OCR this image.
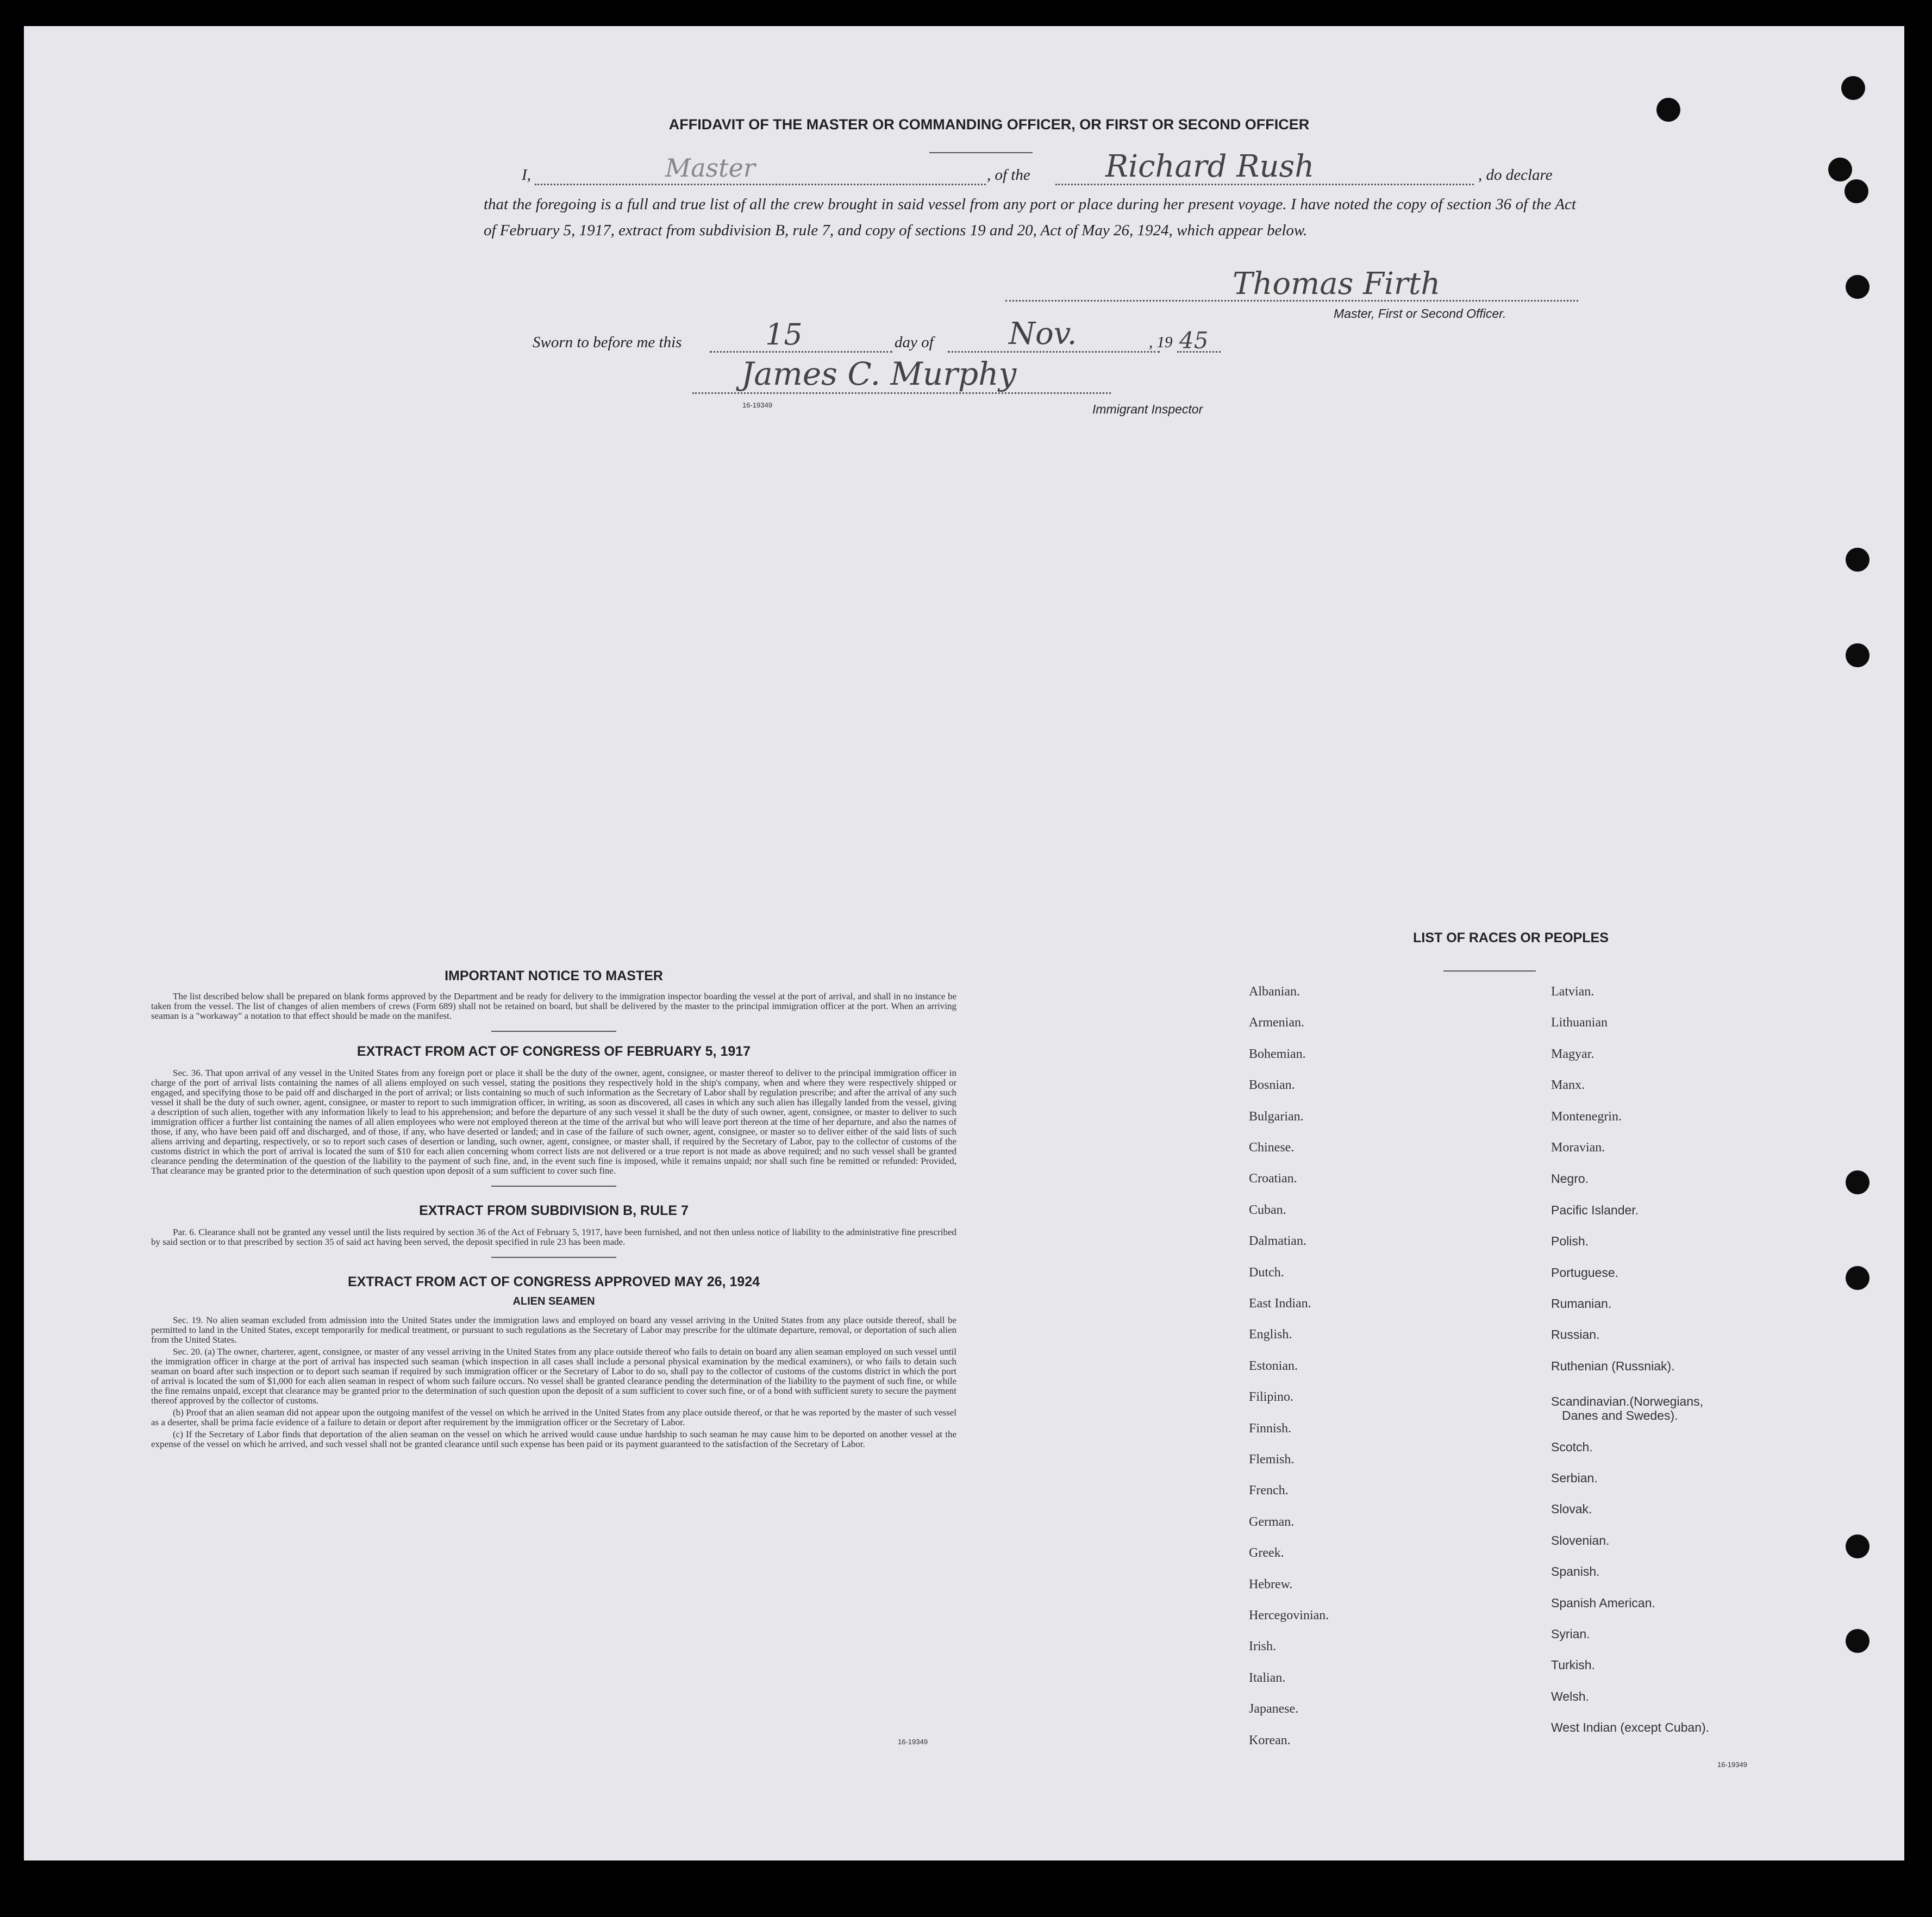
AFFIDAVIT OF THE MASTER OR COMMANDING OFFICER, OR FIRST OR SECOND OFFICER
I,	Master	, of the Richard Rush	, do declare
that the foregoing is a full and true list of all the crew brought in said vessel from any port or place during her present voyage. I have noted the copy of section 36 of the Act of February 5, 1917, extract from subdivision B, rule 7, and copy of sections 19 and 20, Act of May 26, 1924, which appear below.
Thomas Firth
Master, First or Second Officer.
Sworn to before me this	15	day of Nov.	, 19 45
James C. Murphy
16-19349	Immigrant Inspector
IMPORTANT NOTICE TO MASTER

The list described below shall be prepared on blank forms approved by the Department and be ready for delivery to the immigration inspector boarding the vessel at the port of arrival, and shall in no instance be taken from the vessel. The list of changes of alien members of crews (Form 689) shall not be retained on board, but shall be delivered by the master to the principal immigration officer at the port. When an arriving seaman is a "workaway" a notation to that effect should be made on the manifest.

EXTRACT FROM ACT OF CONGRESS OF FEBRUARY 5, 1917

Sec. 36. That upon arrival of any vessel in the United States from any foreign port or place it shall be the duty of the owner, agent, consignee, or master thereof to deliver to the principal immigration officer in charge of the port of arrival lists containing the names of all aliens employed on such vessel, stating the positions they respectively hold in the ship's company, when and where they were respectively shipped or engaged, and specifying those to be paid off and discharged in the port of arrival; or lists containing so much of such information as the Secretary of Labor shall by regulation prescribe; and after the arrival of any such vessel it shall be the duty of such owner, agent, consignee, or master to report to such immigration officer, in writing, as soon as discovered, all cases in which any such alien has illegally landed from the vessel, giving a description of such alien, together with any information likely to lead to his apprehension; and before the departure of any such vessel it shall be the duty of such owner, agent, consignee, or master to deliver to such immigration officer a further list containing the names of all alien employees who were not employed thereon at the time of the arrival but who will leave port thereon at the time of her departure, and also the names of those, if any, who have been paid off and discharged, and of those, if any, who have deserted or landed; and in case of the failure of such owner, agent, consignee, or master so to deliver either of the said lists of such aliens arriving and departing, respectively, or so to report such cases of desertion or landing, such owner, agent, consignee, or master shall, if required by the Secretary of Labor, pay to the collector of customs of the customs district in which the port of arrival is located the sum of $10 for each alien concerning whom correct lists are not delivered or a true report is not made as above required; and no such vessel shall be granted clearance pending the determination of the question of the liability to the payment of such fine, and, in the event such fine is imposed, while it remains unpaid; nor shall such fine be remitted or refunded: Provided, That clearance may be granted prior to the determination of such question upon deposit of a sum sufficient to cover such fine.

EXTRACT FROM SUBDIVISION B, RULE 7

Par. 6. Clearance shall not be granted any vessel until the lists required by section 36 of the Act of February 5, 1917, have been furnished, and not then unless notice of liability to the administrative fine prescribed by said section or to that prescribed by section 35 of said act having been served, the deposit specified in rule 23 has been made.

EXTRACT FROM ACT OF CONGRESS APPROVED MAY 26, 1924
ALIEN SEAMEN

Sec. 19. No alien seaman excluded from admission into the United States under the immigration laws and employed on board any vessel arriving in the United States from any place outside thereof, shall be permitted to land in the United States, except temporarily for medical treatment, or pursuant to such regulations as the Secretary of Labor may prescribe for the ultimate departure, removal, or deportation of such alien from the United States.

Sec. 20. (a) The owner, charterer, agent, consignee, or master of any vessel arriving in the United States from any place outside thereof who fails to detain on board any alien seaman employed on such vessel until the immigration officer in charge at the port of arrival has inspected such seaman (which inspection in all cases shall include a personal physical examination by the medical examiners), or who fails to detain such seaman on board after such inspection or to deport such seaman if required by such immigration officer or the Secretary of Labor to do so, shall pay to the collector of customs of the customs district in which the port of arrival is located the sum of $1,000 for each alien seaman in respect of whom such failure occurs. No vessel shall be granted clearance pending the determination of the liability to the payment of such fine, or while the fine remains unpaid, except that clearance may be granted prior to the determination of such question upon the deposit of a sum sufficient to cover such fine, or of a bond with sufficient surety to secure the payment thereof approved by the collector of customs.

(b) Proof that an alien seaman did not appear upon the outgoing manifest of the vessel on which he arrived in the United States from any place outside thereof, or that he was reported by the master of such vessel as a deserter, shall be prima facie evidence of a failure to detain or deport after requirement by the immigration officer or the Secretary of Labor.

(c) If the Secretary of Labor finds that deportation of the alien seaman on the vessel on which he arrived would cause undue hardship to such seaman he may cause him to be deported on another vessel at the expense of the vessel on which he arrived, and such vessel shall not be granted clearance until such expense has been paid or its payment guaranteed to the satisfaction of the Secretary of Labor.

16-19349
LIST OF RACES OR PEOPLES
Albanian.
Armenian.
Bohemian.
Bosnian.
Bulgarian.
Chinese.
Croatian.
Cuban.
Dalmatian.
Dutch.
East Indian.
English.
Estonian.
Filipino.
Finnish.
Flemish.
French.
German.
Greek.
Hebrew.
Hercegovinian.
Irish.
Italian.
Japanese.
Korean.
Latvian.
Lithuanian
Magyar.
Manx.
Montenegrin.
Moravian.
Negro.
Pacific Islander.
Polish.
Portuguese.
Rumanian.
Russian.
Ruthenian (Russniak).
Scandinavian.(Norwegians,
Danes and Swedes).
Scotch.
Serbian.
Slovak.
Slovenian.
Spanish.
Spanish American.
Syrian.
Turkish.
Welsh.
West Indian (except Cuban).
16-19349
